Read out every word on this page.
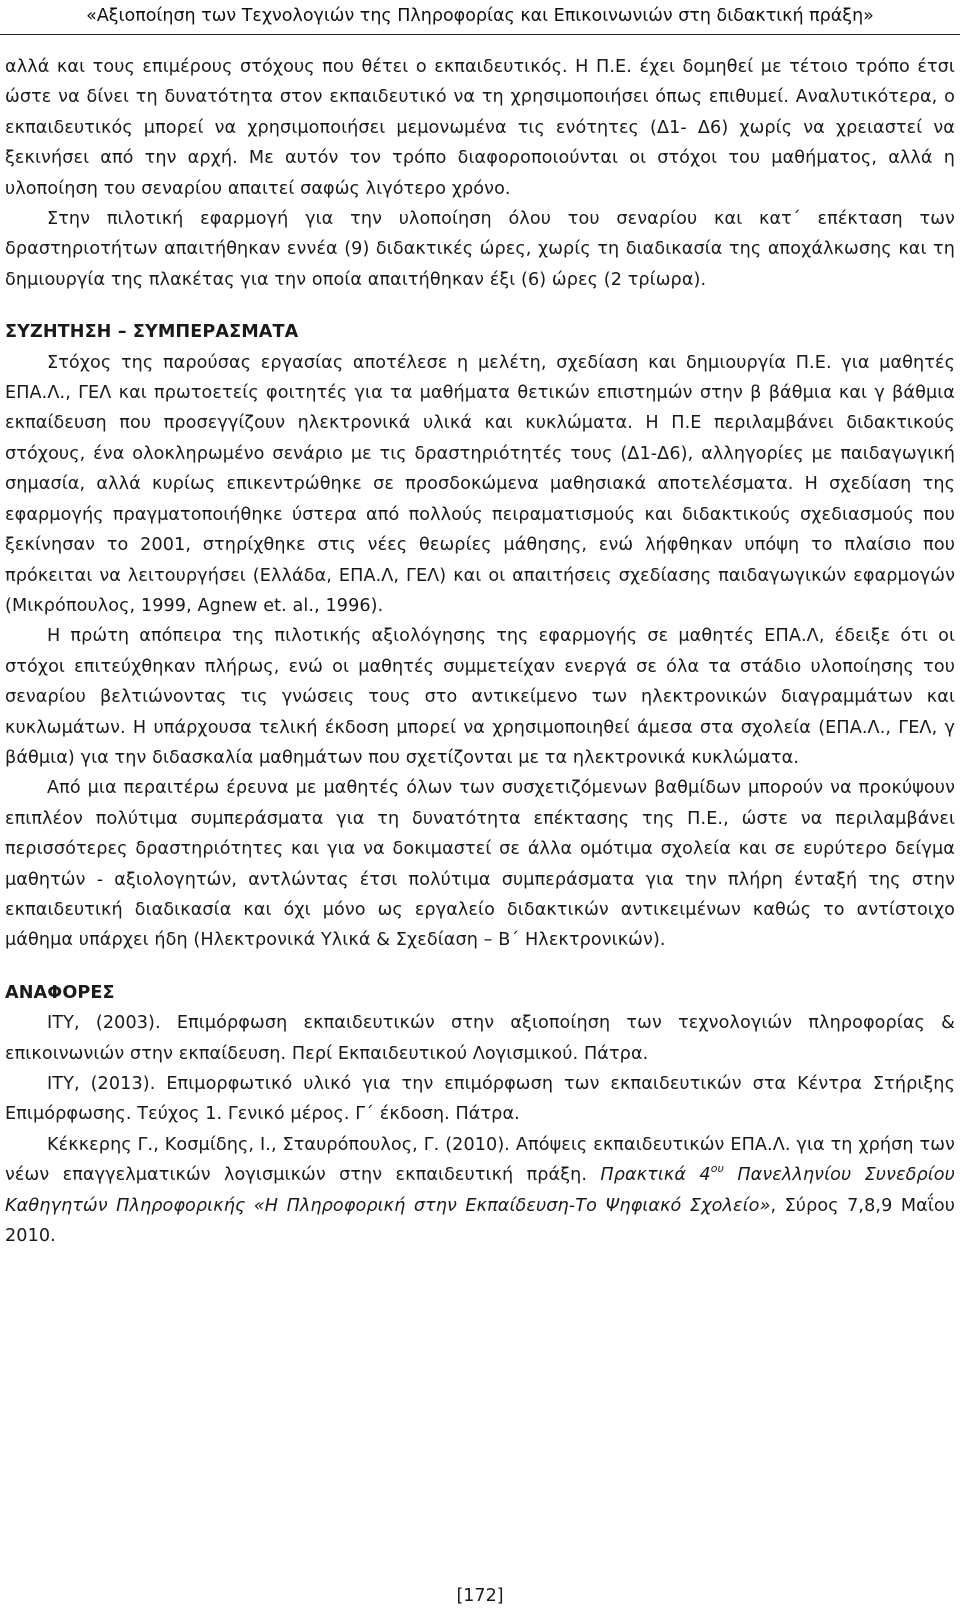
«Αξιοποίηση των Τεχνολογιών της Πληροφορίας και Επικοινωνιών στη διδακτική πράξη»

αλλά και τους επιμέρους στόχους που θέτει ο εκπαιδευτικός. Η Π.Ε. έχει δομηθεί με τέτοιο τρόπο έτσι ώστε να δίνει τη δυνατότητα στον εκπαιδευτικό να τη χρησιμοποιήσει όπως επιθυμεί. Αναλυτικότερα, ο εκπαιδευτικός μπορεί να χρησιμοποιήσει μεμονωμένα τις ενότητες (Δ1- Δ6) χωρίς να χρειαστεί να ξεκινήσει από την αρχή. Με αυτόν τον τρόπο διαφοροποιούνται οι στόχοι του μαθήματος, αλλά η υλοποίηση του σεναρίου απαιτεί σαφώς λιγότερο χρόνο.

Στην πιλοτική εφαρμογή για την υλοποίηση όλου του σεναρίου και κατ΄ επέκταση των δραστηριοτήτων απαιτήθηκαν εννέα (9) διδακτικές ώρες, χωρίς τη διαδικασία της αποχάλκωσης και τη δημιουργία της πλακέτας για την οποία απαιτήθηκαν έξι (6) ώρες (2 τρίωρα).

ΣΥΖΗΤΗΣΗ – ΣΥΜΠΕΡΑΣΜΑΤΑ

Στόχος της παρούσας εργασίας αποτέλεσε η μελέτη, σχεδίαση και δημιουργία Π.Ε. για μαθητές ΕΠΑ.Λ., ΓΕΛ και πρωτοετείς φοιτητές για τα μαθήματα θετικών επιστημών στην β βάθμια και γ βάθμια εκπαίδευση που προσεγγίζουν ηλεκτρονικά υλικά και κυκλώματα. Η Π.Ε περιλαμβάνει διδακτικούς στόχους, ένα ολοκληρωμένο σενάριο με τις δραστηριότητές τους (Δ1-Δ6), αλληγορίες με παιδαγωγική σημασία, αλλά κυρίως επικεντρώθηκε σε προσδοκώμενα μαθησιακά αποτελέσματα. Η σχεδίαση της εφαρμογής πραγματοποιήθηκε ύστερα από πολλούς πειραματισμούς και διδακτικούς σχεδιασμούς που ξεκίνησαν το 2001, στηρίχθηκε στις νέες θεωρίες μάθησης, ενώ λήφθηκαν υπόψη το πλαίσιο που πρόκειται να λειτουργήσει (Ελλάδα, ΕΠΑ.Λ, ΓΕΛ) και οι απαιτήσεις σχεδίασης παιδαγωγικών εφαρμογών (Μικρόπουλος, 1999, Agnew et. al., 1996).

Η πρώτη απόπειρα της πιλοτικής αξιολόγησης της εφαρμογής σε μαθητές ΕΠΑ.Λ, έδειξε ότι οι στόχοι επιτεύχθηκαν πλήρως, ενώ οι μαθητές συμμετείχαν ενεργά σε όλα τα στάδιο υλοποίησης του σεναρίου βελτιώνοντας τις γνώσεις τους στο αντικείμενο των ηλεκτρονικών διαγραμμάτων και κυκλωμάτων. Η υπάρχουσα τελική έκδοση μπορεί να χρησιμοποιηθεί άμεσα στα σχολεία (ΕΠΑ.Λ., ΓΕΛ, γ βάθμια) για την διδασκαλία μαθημάτων που σχετίζονται με τα ηλεκτρονικά κυκλώματα.

Από μια περαιτέρω έρευνα με μαθητές όλων των συσχετιζόμενων βαθμίδων μπορούν να προκύψουν επιπλέον πολύτιμα συμπεράσματα για τη δυνατότητα επέκτασης της Π.Ε., ώστε να περιλαμβάνει περισσότερες δραστηριότητες και για να δοκιμαστεί σε άλλα ομότιμα σχολεία και σε ευρύτερο δείγμα μαθητών - αξιολογητών, αντλώντας έτσι πολύτιμα συμπεράσματα για την πλήρη ένταξή της στην εκπαιδευτική διαδικασία και όχι μόνο ως εργαλείο διδακτικών αντικειμένων καθώς το αντίστοιχο μάθημα υπάρχει ήδη (Ηλεκτρονικά Υλικά & Σχεδίαση – Β΄ Ηλεκτρονικών).

ΑΝΑΦΟΡΕΣ

ΙΤΥ, (2003). Επιμόρφωση εκπαιδευτικών στην αξιοποίηση των τεχνολογιών πληροφορίας & επικοινωνιών στην εκπαίδευση. Περί Εκπαιδευτικού Λογισμικού. Πάτρα.

ΙΤΥ, (2013). Επιμορφωτικό υλικό για την επιμόρφωση των εκπαιδευτικών στα Κέντρα Στήριξης Επιμόρφωσης. Τεύχος 1. Γενικό μέρος. Γ΄ έκδοση. Πάτρα.

Κέκκερης Γ., Κοσμίδης, Ι., Σταυρόπουλος, Γ. (2010). Απόψεις εκπαιδευτικών ΕΠΑ.Λ. για τη χρήση των νέων επαγγελματικών λογισμικών στην εκπαιδευτική πράξη. Πρακτικά $4^{o\upsilon}$ Πανελληνίου Συνεδρίου Καθηγητών Πληροφορικής «Η Πληροφορική στην Εκπαίδευση-Το Ψηφιακό Σχολείο», Σύρος 7,8,9 Μαΐου 2010.

[172]
